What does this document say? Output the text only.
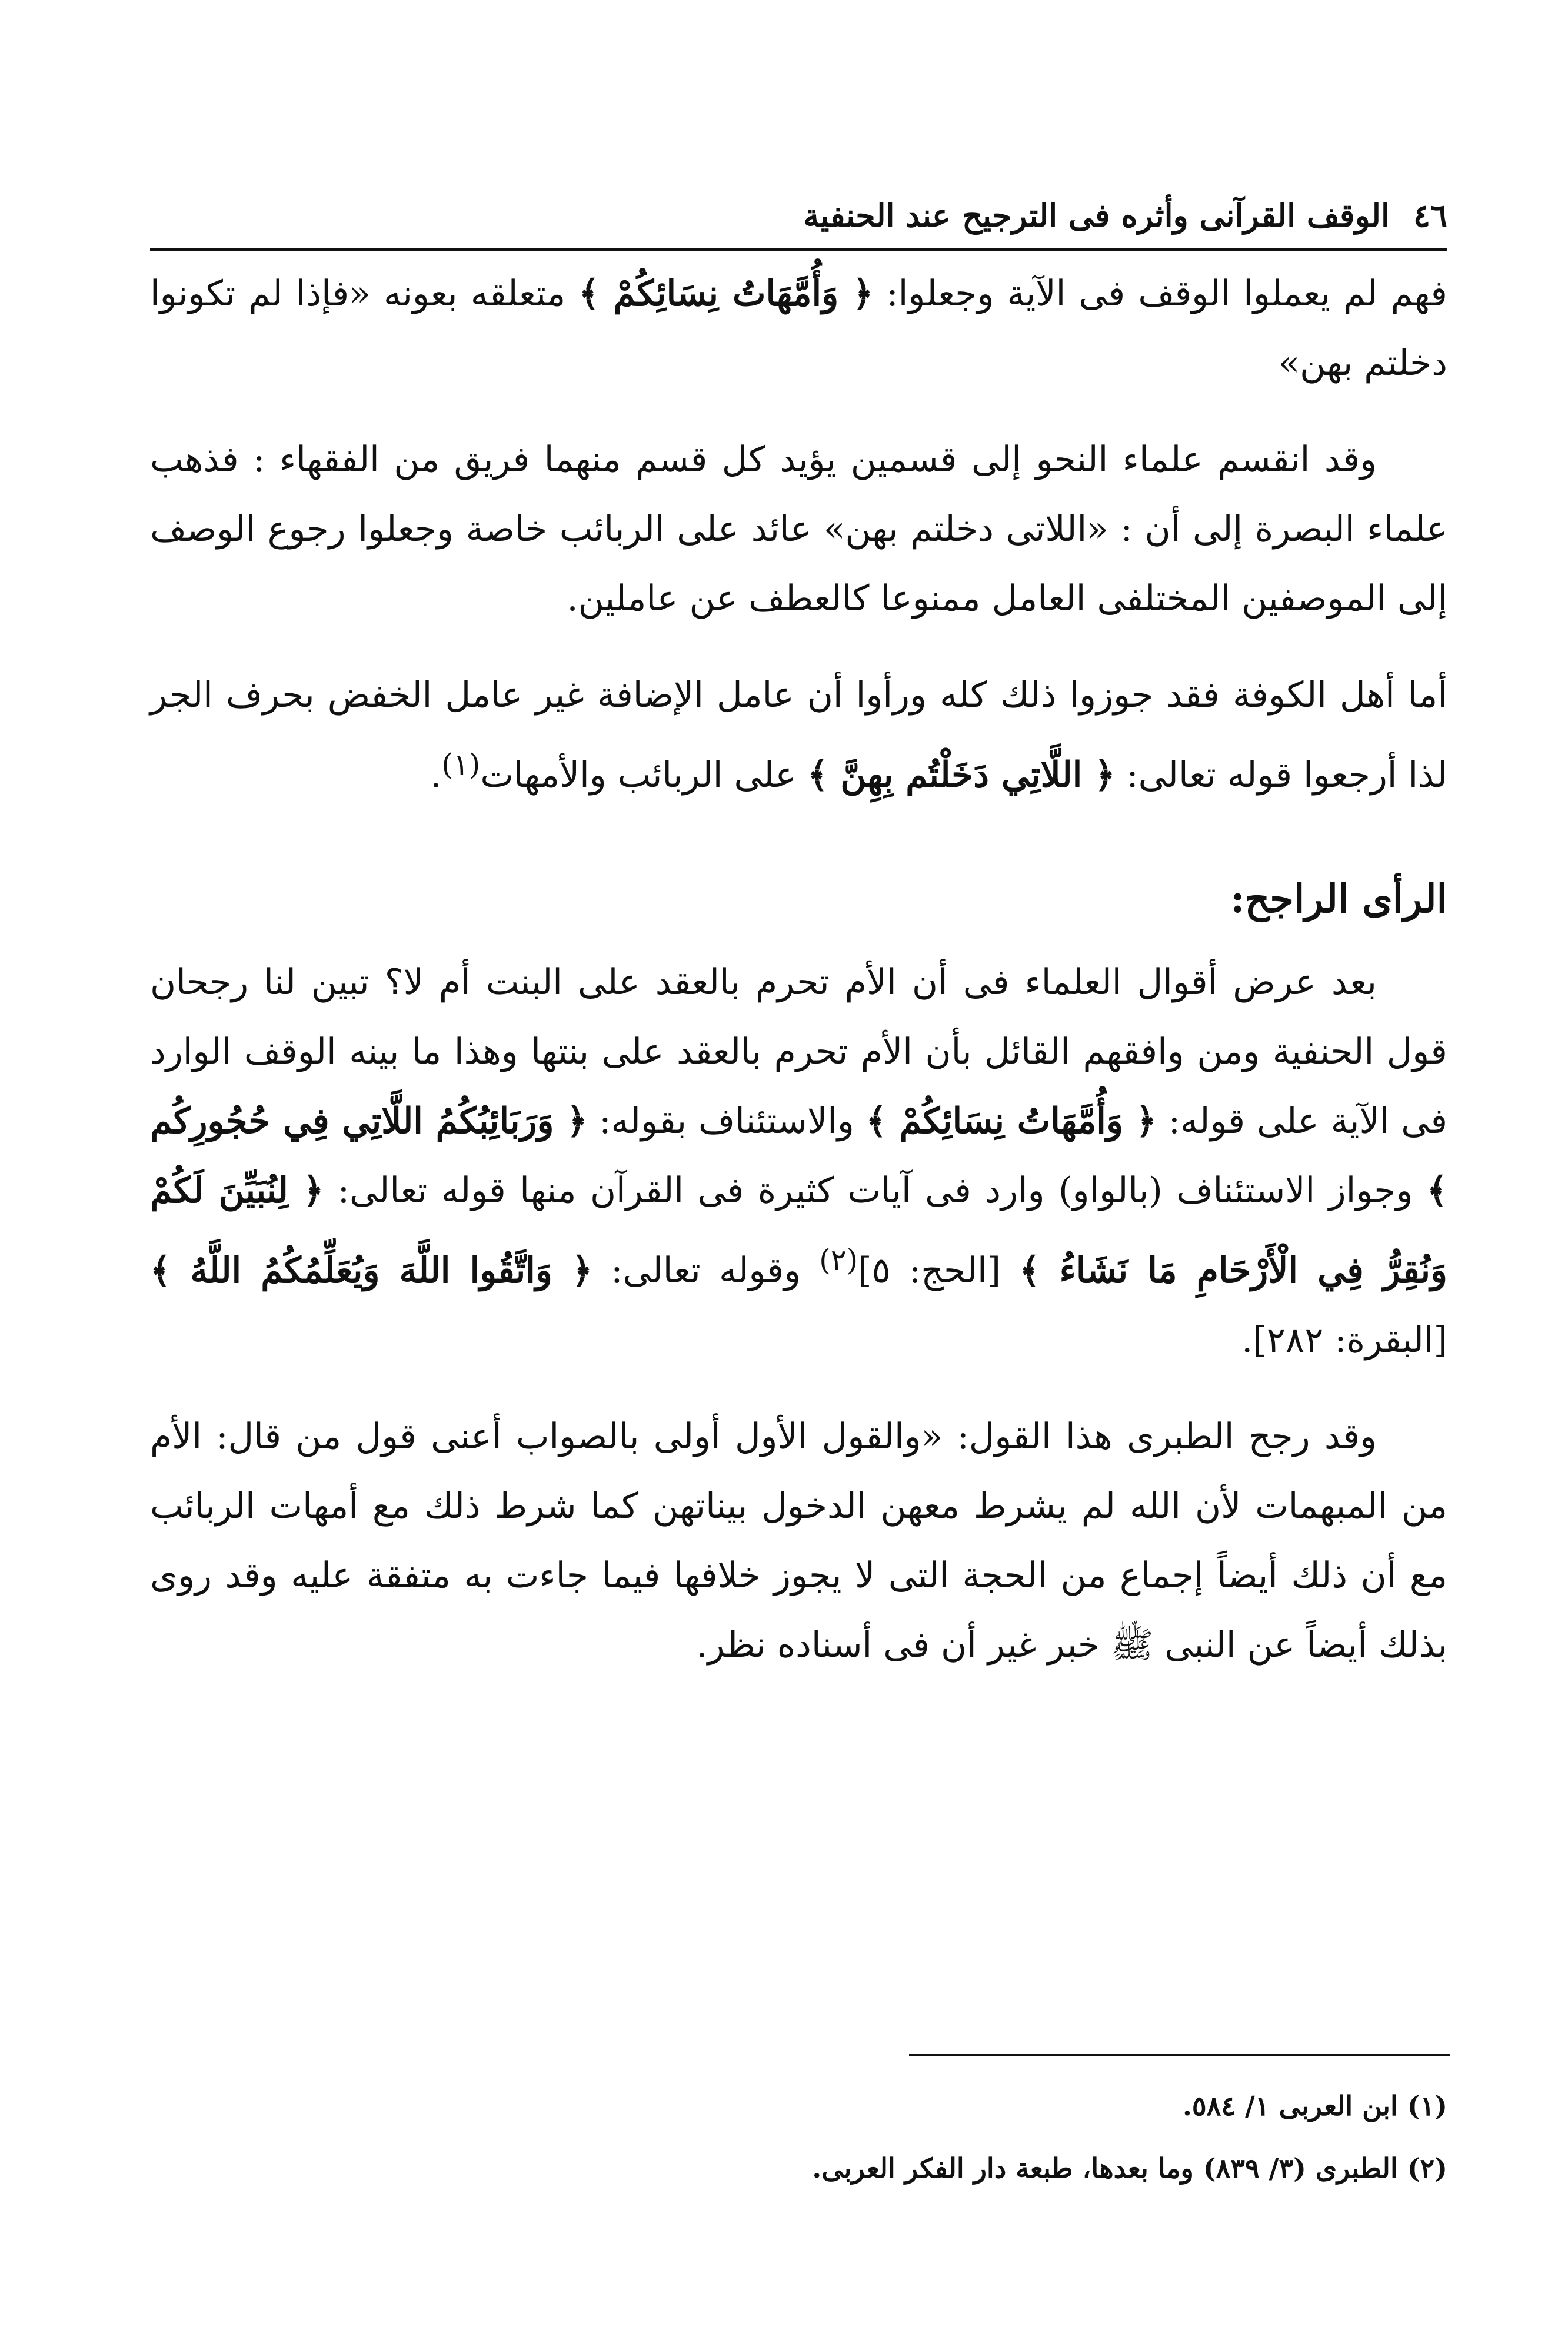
٤٦
الوقف القرآنى وأثره فى الترجيح عند الحنفية

فهم لم يعملوا الوقف فى الآية وجعلوا: ﴿ وَأُمَّهَاتُ نِسَائِكُمْ ﴾ متعلقه بعونه «فإذا لم تكونوا دخلتم بهن»

وقد انقسم علماء النحو إلى قسمين يؤيد كل قسم منهما فريق من الفقهاء : فذهب علماء البصرة إلى أن : «اللاتى دخلتم بهن» عائد على الربائب خاصة وجعلوا رجوع الوصف إلى الموصفين المختلفى العامل ممنوعا كالعطف عن عاملين.

أما أهل الكوفة فقد جوزوا ذلك كله ورأوا أن عامل الإضافة غير عامل الخفض بحرف الجر لذا أرجعوا قوله تعالى: ﴿ اللَّاتِي دَخَلْتُم بِهِنَّ ﴾ على الربائب والأمهات$^{(١)}$.

الرأى الراجح:

بعد عرض أقوال العلماء فى أن الأم تحرم بالعقد على البنت أم لا؟ تبين لنا رجحان قول الحنفية ومن وافقهم القائل بأن الأم تحرم بالعقد على بنتها وهذا ما بينه الوقف الوارد فى الآية على قوله: ﴿ وَأُمَّهَاتُ نِسَائِكُمْ ﴾ والاستئناف بقوله: ﴿ وَرَبَائِبُكُمُ اللَّاتِي فِي حُجُورِكُم ﴾ وجواز الاستئناف (بالواو) وارد فى آيات كثيرة فى القرآن منها قوله تعالى: ﴿ لِنُبَيِّنَ لَكُمْ وَنُقِرُّ فِي الْأَرْحَامِ مَا نَشَاءُ ﴾ [الحج: ٥]$^{(٢)}$ وقوله تعالى: ﴿ وَاتَّقُوا اللَّهَ وَيُعَلِّمُكُمُ اللَّهُ ﴾ [البقرة: ٢٨٢].

وقد رجح الطبرى هذا القول: «والقول الأول أولى بالصواب أعنى قول من قال: الأم من المبهمات لأن الله لم يشرط معهن الدخول بيناتهن كما شرط ذلك مع أمهات الربائب مع أن ذلك أيضاً إجماع من الحجة التى لا يجوز خلافها فيما جاءت به متفقة عليه وقد روى بذلك أيضاً عن النبى ﷺ خبر غير أن فى أسناده نظر.

(١) ابن العربى ١/ ٥٨٤.
(٢) الطبرى (٣/ ٨٣٩) وما بعدها، طبعة دار الفكر العربى.
